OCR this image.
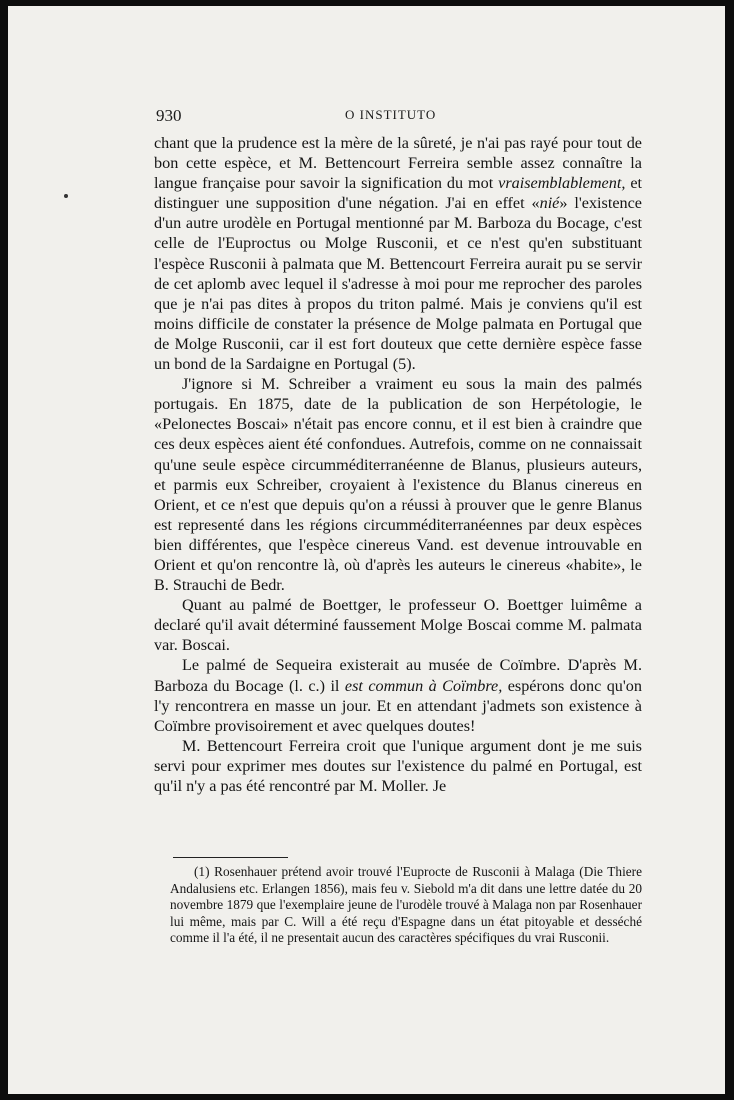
930	O INSTITUTO

chant que la prudence est la mère de la sûreté, je n'ai pas rayé pour tout de bon cette espèce, et M. Bettencourt Ferreira semble assez connaître la langue française pour savoir la signification du mot vraisemblablement, et distinguer une supposition d'une négation. J'ai en effet «nié» l'existence d'un autre urodèle en Portugal mentionné par M. Barboza du Bocage, c'est celle de l'Euproctus ou Molge Rusconii, et ce n'est qu'en substituant l'espèce Rusconii à palmata que M. Bettencourt Ferreira aurait pu se servir de cet aplomb avec lequel il s'adresse à moi pour me reprocher des paroles que je n'ai pas dites à propos du triton palmé. Mais je conviens qu'il est moins difficile de constater la présence de Molge palmata en Portugal que de Molge Rusconii, car il est fort douteux que cette dernière espèce fasse un bond de la Sardaigne en Portugal (5).

J'ignore si M. Schreiber a vraiment eu sous la main des palmés portugais. En 1875, date de la publication de son Herpétologie, le «Pelonectes Boscai» n'était pas encore connu, et il est bien à craindre que ces deux espèces aient été confondues. Autrefois, comme on ne connaissait qu'une seule espèce circumméditerranéenne de Blanus, plusieurs auteurs, et parmis eux Schreiber, croyaient à l'existence du Blanus cinereus en Orient, et ce n'est que depuis qu'on a réussi à prouver que le genre Blanus est representé dans les régions circumméditerranéennes par deux espèces bien différentes, que l'espèce cinereus Vand. est devenue introuvable en Orient et qu'on rencontre là, où d'après les auteurs le cinereus «habite», le B. Strauchi de Bedr.

Quant au palmé de Boettger, le professeur O. Boettger luimême a declaré qu'il avait déterminé faussement Molge Boscai comme M. palmata var. Boscai.

Le palmé de Sequeira existerait au musée de Coïmbre. D'après M. Barboza du Bocage (l. c.) il est commun à Coïmbre, espérons donc qu'on l'y rencontrera en masse un jour. Et en attendant j'admets son existence à Coïmbre provisoirement et avec quelques doutes!

M. Bettencourt Ferreira croit que l'unique argument dont je me suis servi pour exprimer mes doutes sur l'existence du palmé en Portugal, est qu'il n'y a pas été rencontré par M. Moller. Je

(1) Rosenhauer prétend avoir trouvé l'Euprocte de Rusconii à Malaga (Die Thiere Andalusiens etc. Erlangen 1856), mais feu v. Siebold m'a dit dans une lettre datée du 20 novembre 1879 que l'exemplaire jeune de l'urodèle trouvé à Malaga non par Rosenhauer lui même, mais par C. Will a été reçu d'Espagne dans un état pitoyable et desséché comme il l'a été, il ne presentait aucun des caractères spécifiques du vrai Rusconii.
